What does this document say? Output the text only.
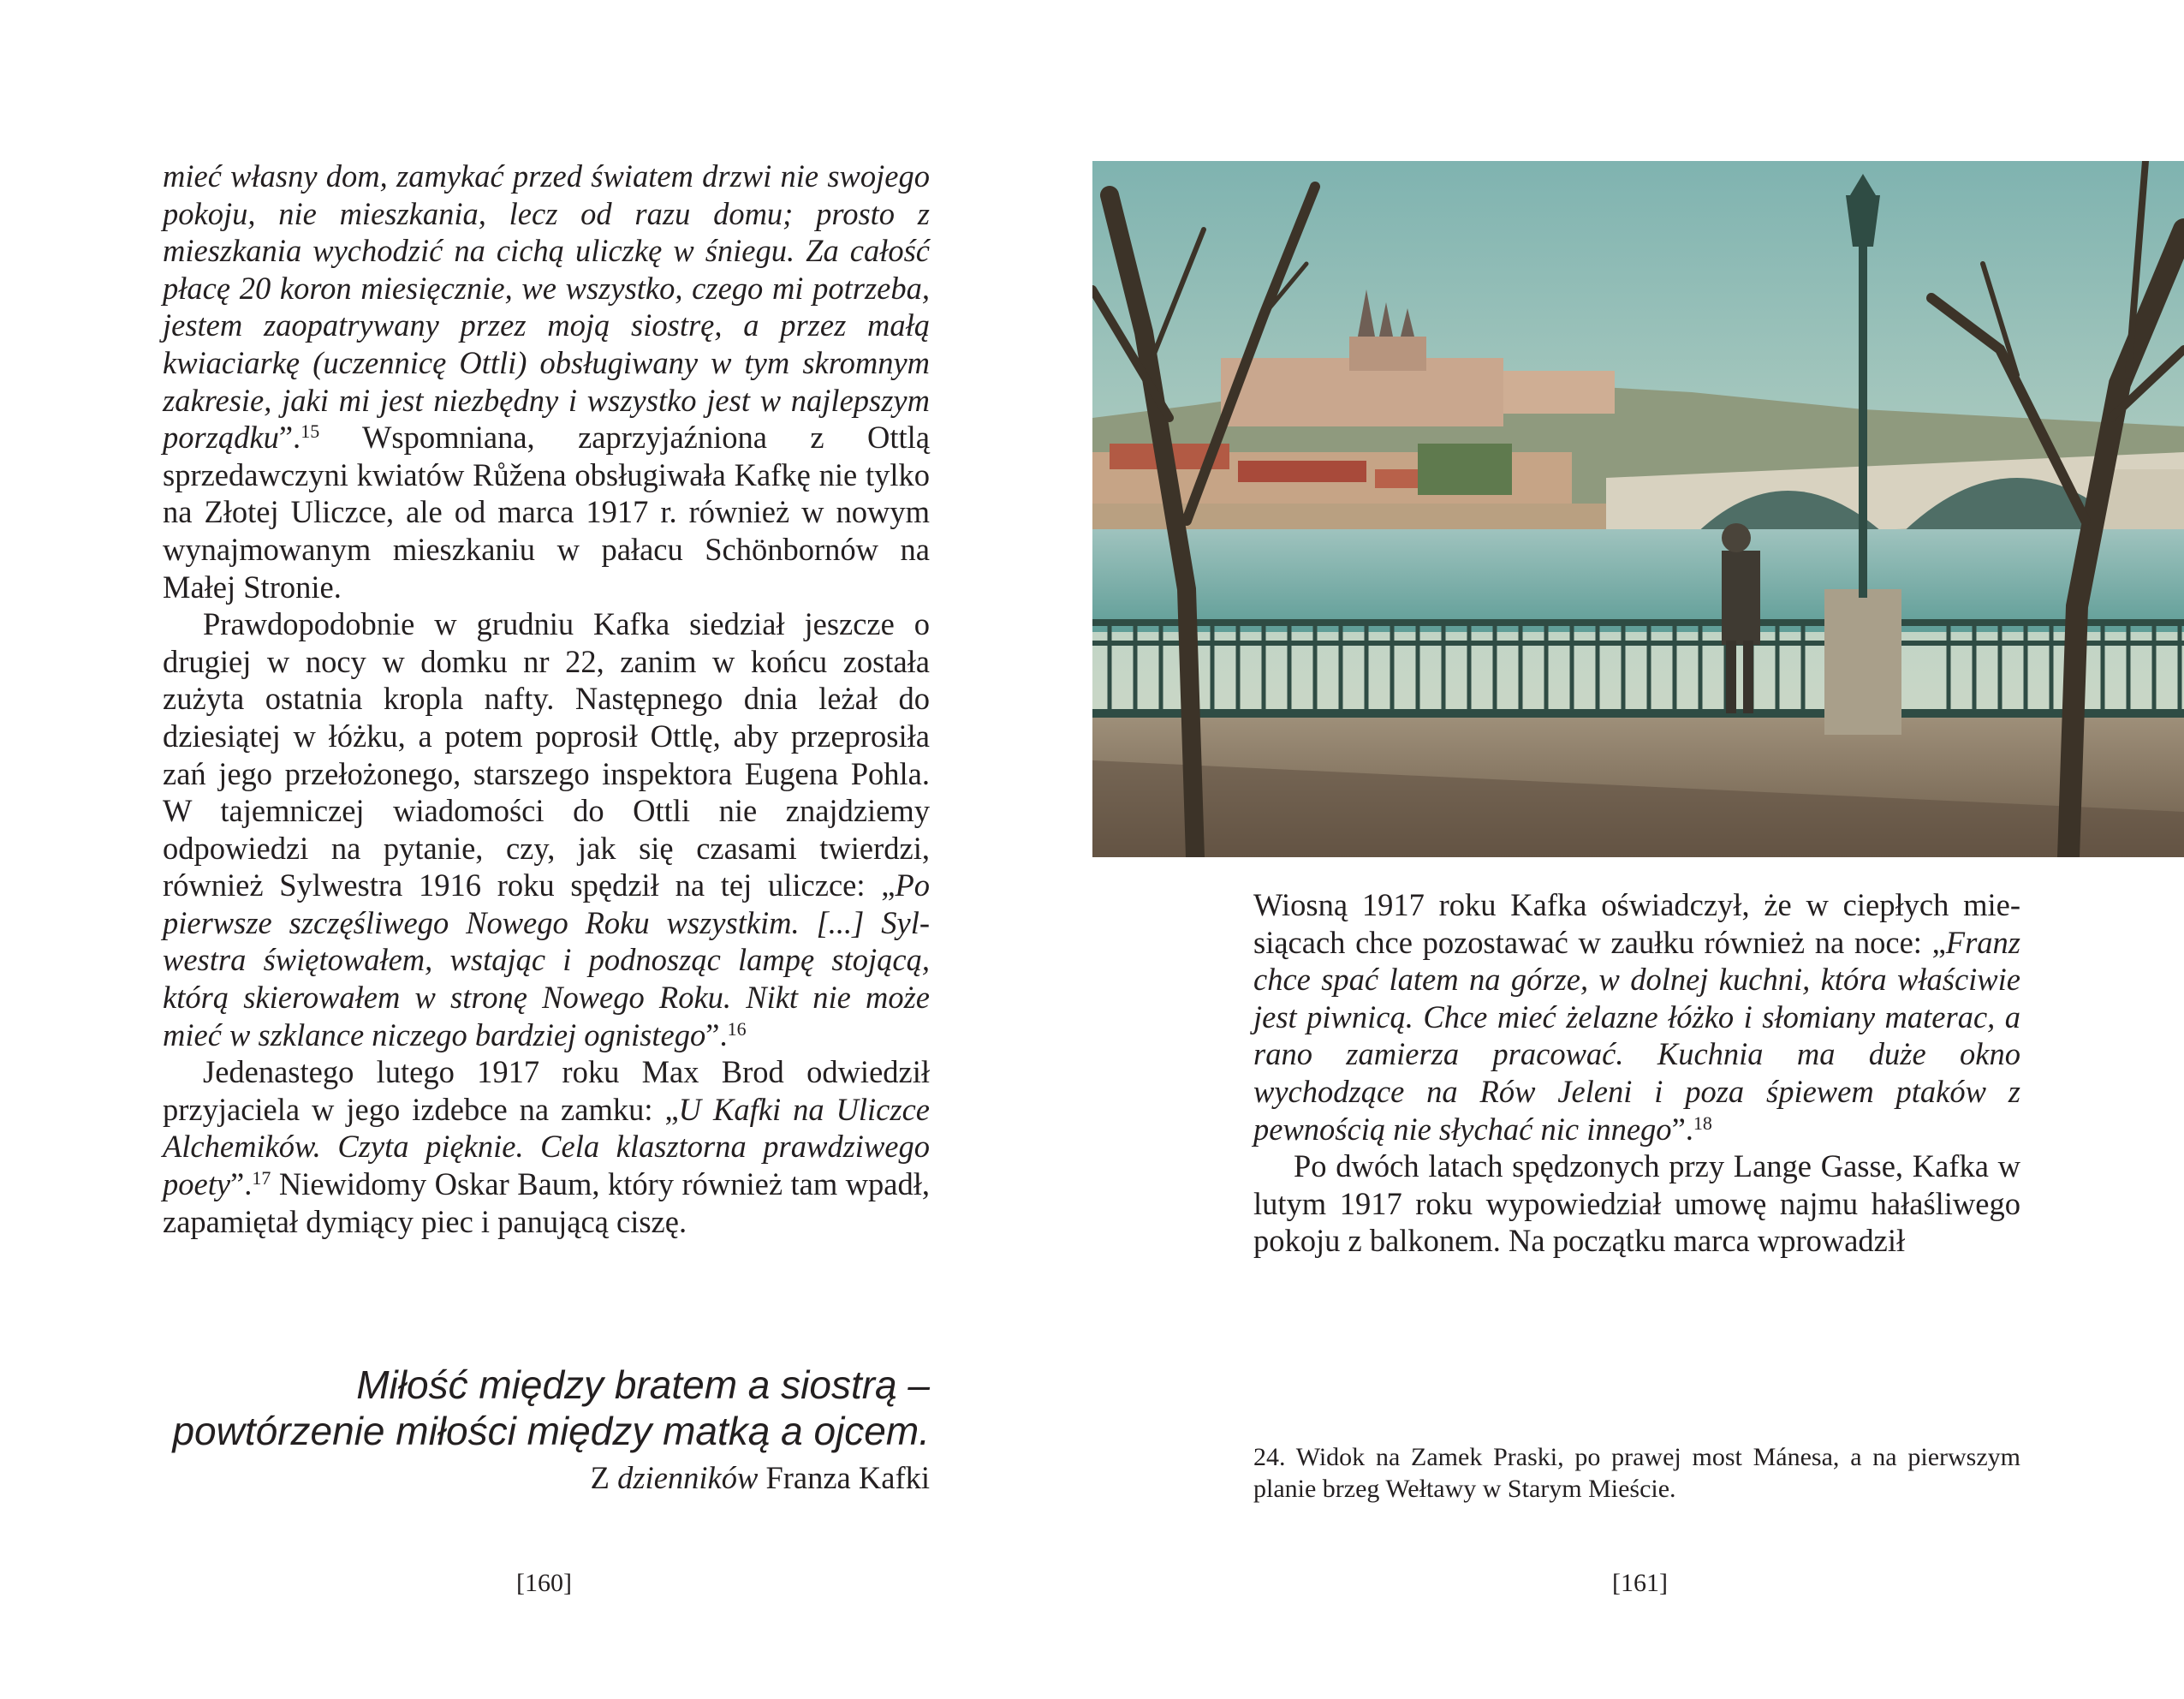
mieć własny dom, zamykać przed światem drzwi nie swojego pokoju, nie mieszkania, lecz od razu domu; prosto z mieszkania wychodzić na cichą uliczkę w śniegu. Za całość płacę 20 koron miesięcznie, we wszystko, czego mi potrzeba, jestem zaopatrywany przez moją siostrę, a przez małą kwiaciarkę (uczennicę Ottli) obsługiwany w tym skromnym zakresie, jaki mi jest niezbędny i wszystko jest w najlepszym porządku”.$^{15}$ Wspomniana, zaprzyjaźniona z Ottlą sprzedawczyni kwiatów Růžena obsługiwała Kafkę nie tylko na Złotej Uliczce, ale od marca 1917 r. również w nowym wynajmowanym mieszkaniu w pałacu Schönbornów na Małej Stronie.

Prawdopodobnie w grudniu Kafka siedział jeszcze o drugiej w nocy w domku nr 22, zanim w końcu została zużyta ostatnia kropla nafty. Następnego dnia leżał do dziesiątej w łóżku, a potem poprosił Ottlę, aby przeprosiła zań jego przełożonego, starszego inspektora Eugena Pohla. W tajemniczej wiadomości do Ottli nie znajdziemy odpowiedzi na pytanie, czy, jak się czasami twierdzi, również Sylwestra 1916 roku spędził na tej uliczce: „Po pierwsze szczęśliwego Nowego Roku wszystkim. [...] Sylwestra świętowałem, wstając i podnosząc lampę stojącą, którą skierowałem w stronę Nowego Roku. Nikt nie może mieć w szklance niczego bardziej ognistego”.$^{16}$

Jedenastego lutego 1917 roku Max Brod odwiedził przyjaciela w jego izdebce na zamku: „U Kafki na Uliczce Alchemików. Czyta pięknie. Cela klasztorna prawdziwego poety”.$^{17}$ Niewidomy Oskar Baum, który również tam wpadł, zapamiętał dymiący piec i panującą ciszę.

Miłość między bratem a siostrą –
powtórzenie miłości między matką a ojcem.
Z dzienników Franza Kafki
[160]

Wiosną 1917 roku Kafka oświadczył, że w ciepłych miesiącach chce pozostawać w zaułku również na noce: „Franz chce spać latem na górze, w dolnej kuchni, która właściwie jest piwnicą. Chce mieć żelazne łóżko i słomiany materac, a rano zamierza pracować. Kuchnia ma duże okno wychodzące na Rów Jeleni i poza śpiewem ptaków z pewnością nie słychać nic innego”.$^{18}$

Po dwóch latach spędzonych przy Lange Gasse, Kafka w lutym 1917 roku wypowiedział umowę najmu hałaśliwego pokoju z balkonem. Na początku marca wprowadził

24. Widok na Zamek Praski, po prawej most Mánesa, a na pierwszym planie brzeg Wełtawy w Starym Mieście.
[161]
